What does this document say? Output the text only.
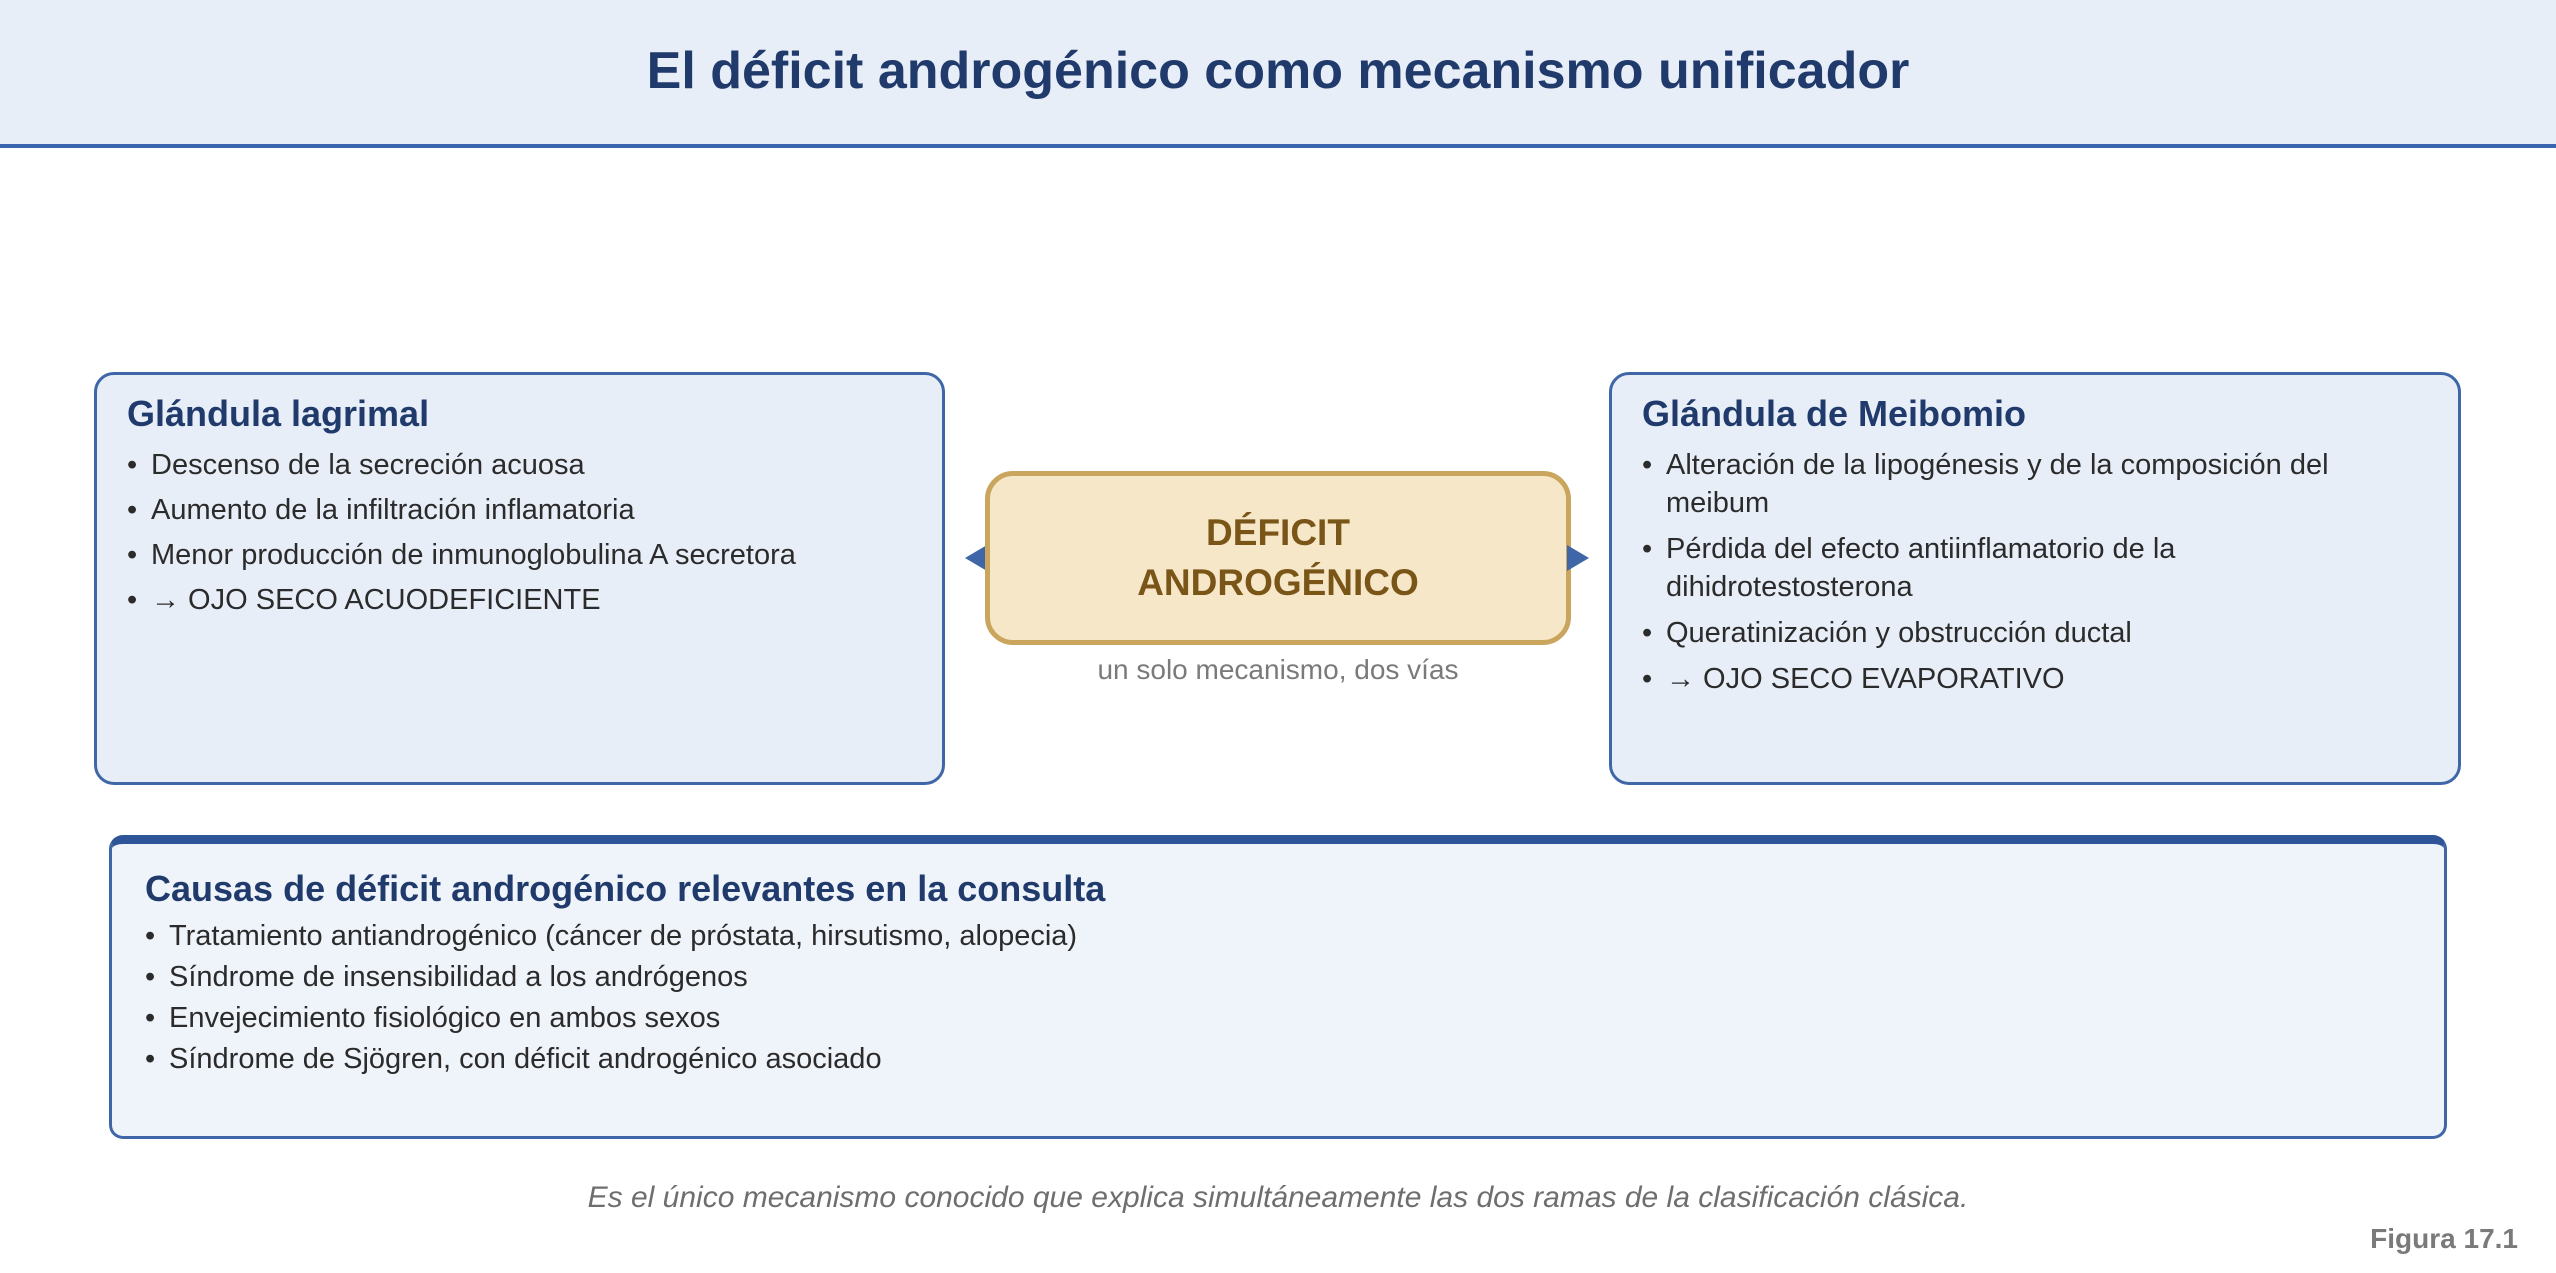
El déficit androgénico como mecanismo unificador
Glándula lagrimal
• Descenso de la secreción acuosa
• Aumento de la infiltración inflamatoria
• Menor producción de inmunoglobulina A secretora
• → OJO SECO ACUODEFICIENTE
DÉFICIT
ANDROGÉNICO
un solo mecanismo, dos vías
Glándula de Meibomio
• Alteración de la lipogénesis y de la composición del meibum
• Pérdida del efecto antiinflamatorio de la dihidrotestosterona
• Queratinización y obstrucción ductal
• → OJO SECO EVAPORATIVO
Causas de déficit androgénico relevantes en la consulta
• Tratamiento antiandrogénico (cáncer de próstata, hirsutismo, alopecia)
• Síndrome de insensibilidad a los andrógenos
• Envejecimiento fisiológico en ambos sexos
• Síndrome de Sjögren, con déficit androgénico asociado
Es el único mecanismo conocido que explica simultáneamente las dos ramas de la clasificación clásica.
Figura 17.1
